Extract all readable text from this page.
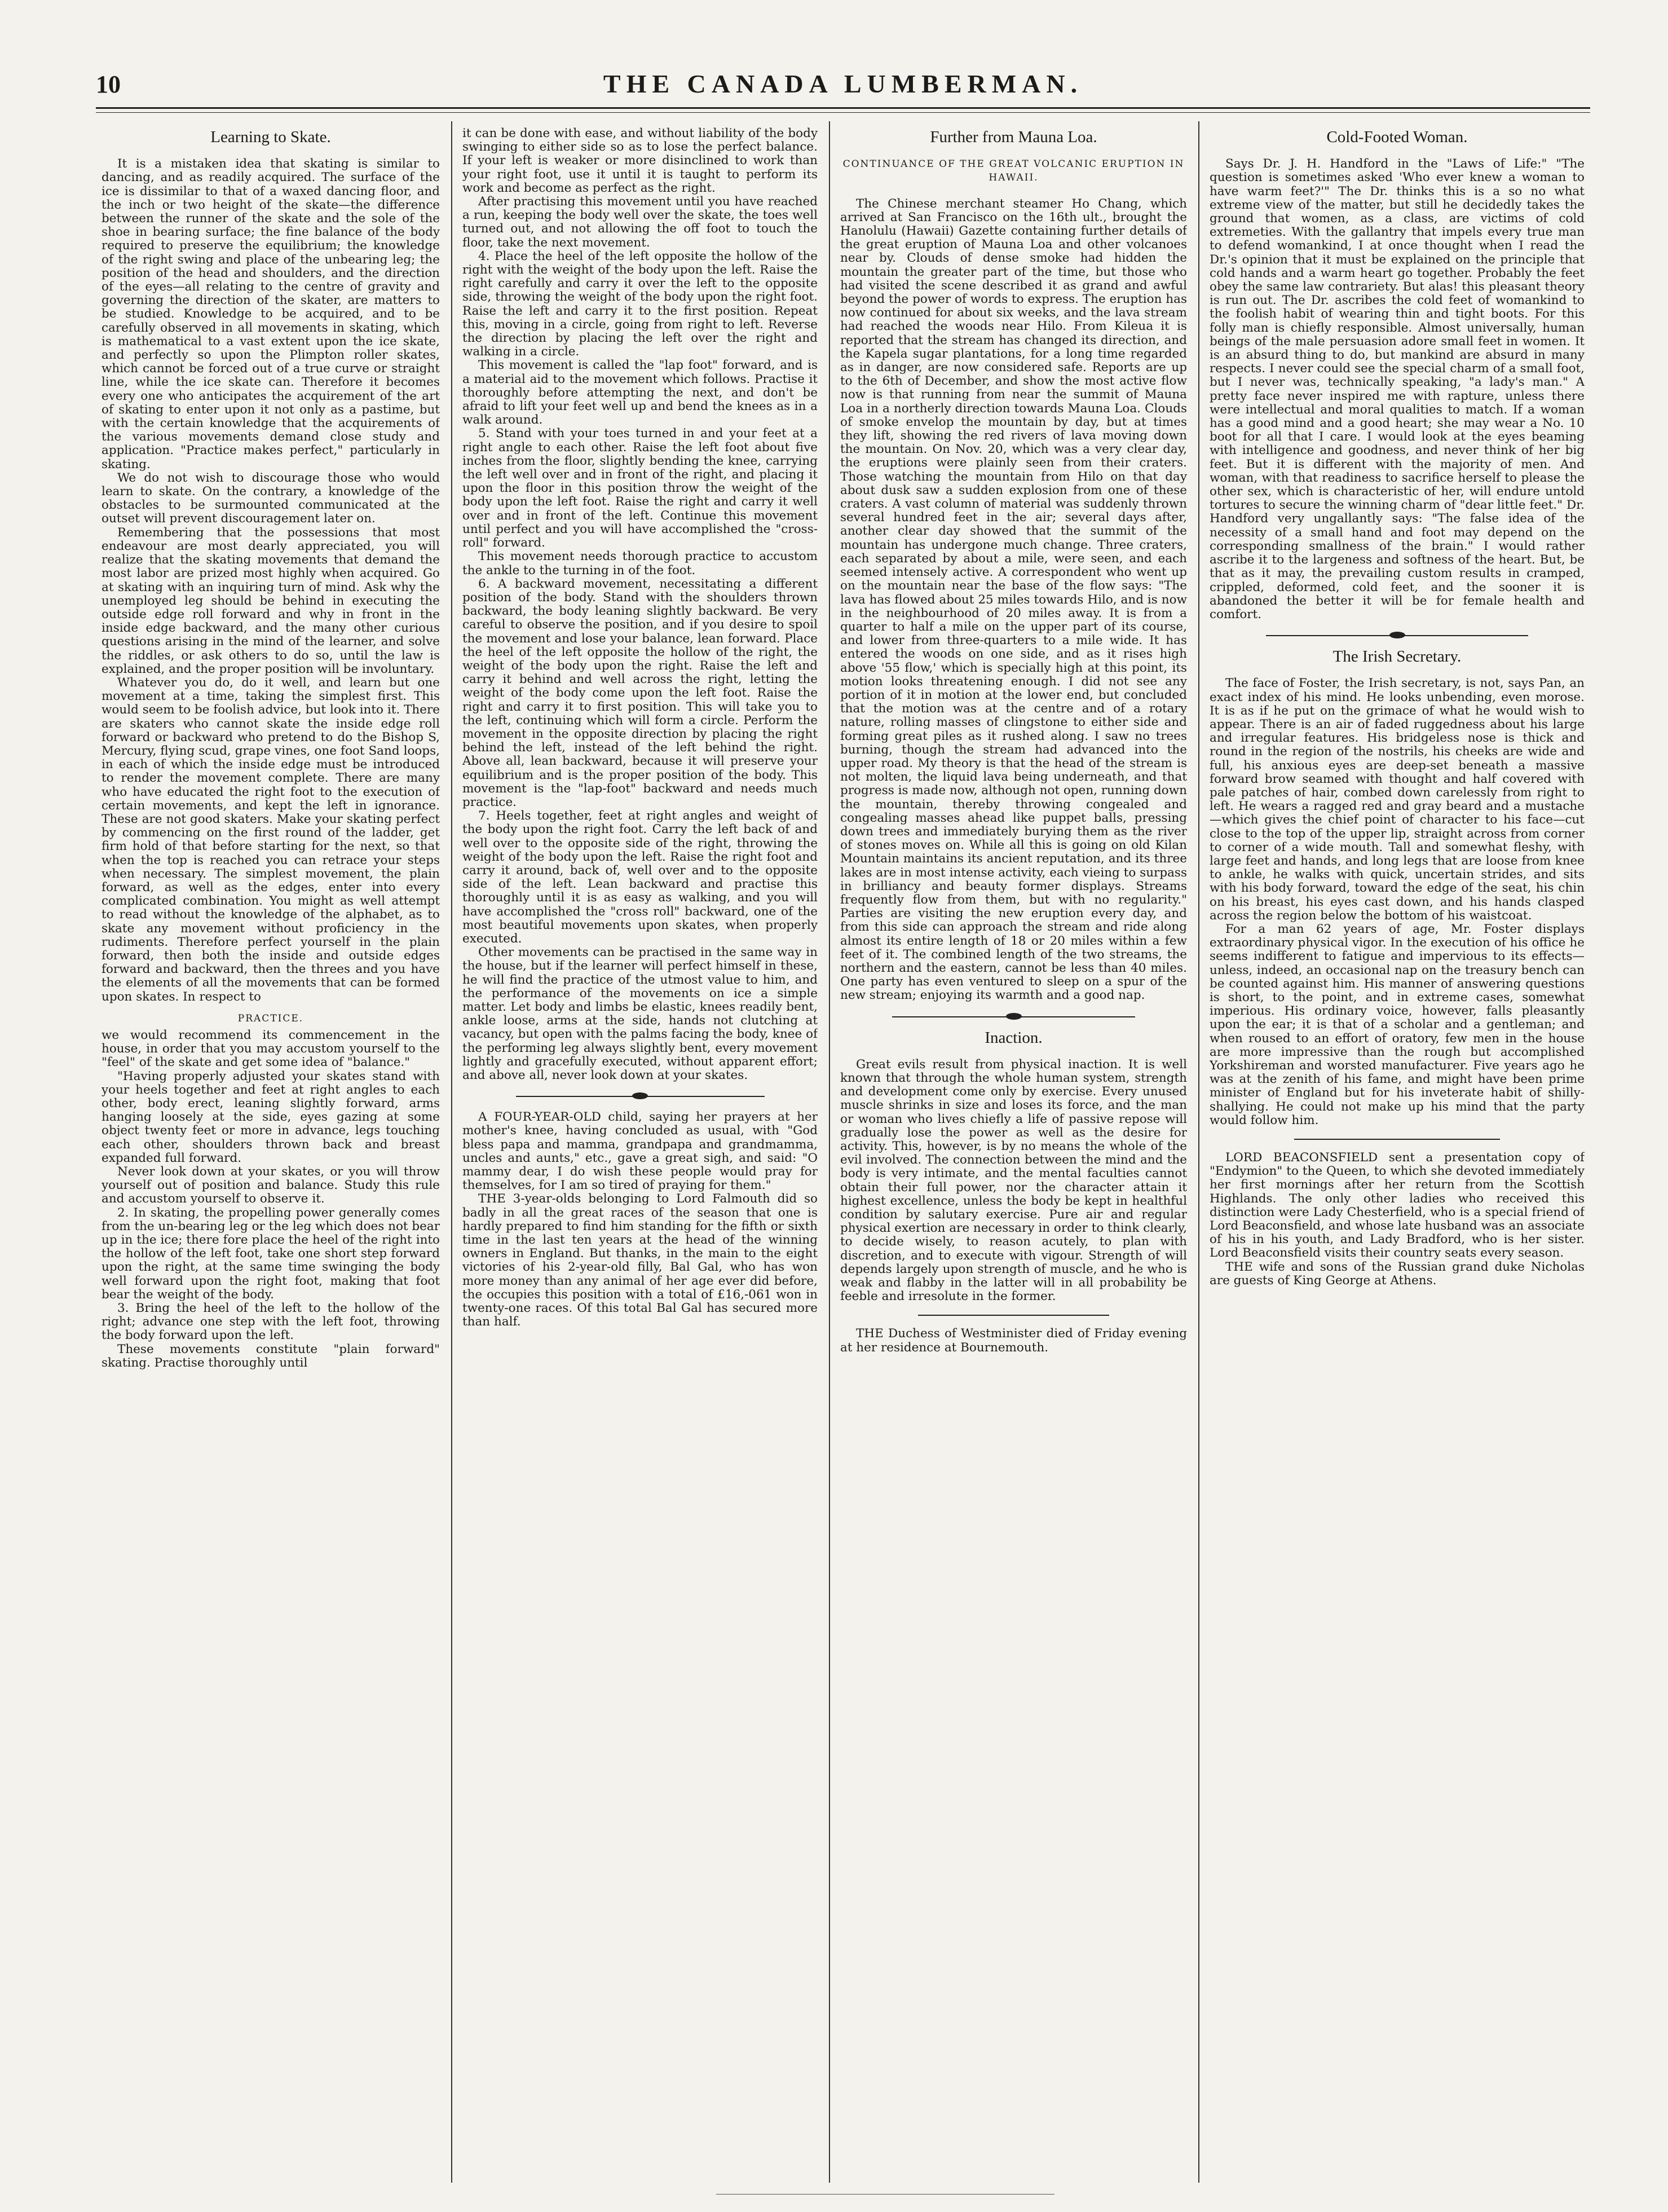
10	THE CANADA LUMBERMAN.
Learning to Skate.

It is a mistaken idea that skating is similar to dancing, and as readily acquired. The surface of the ice is dissimilar to that of a waxed dancing floor, and the inch or two height of the skate—the difference between the runner of the skate and the sole of the shoe in bearing surface; the fine balance of the body required to preserve the equilibrium; the knowledge of the right swing and place of the unbearing leg; the position of the head and shoulders, and the direction of the eyes—all relating to the centre of gravity and governing the direction of the skater, are matters to be studied. Knowledge to be acquired, and to be carefully observed in all movements in skating, which is mathematical to a vast extent upon the ice skate, and perfectly so upon the Plimpton roller skates, which cannot be forced out of a true curve or straight line, while the ice skate can. Therefore it becomes every one who anticipates the acquirement of the art of skating to enter upon it not only as a pastime, but with the certain knowledge that the acquirements of the various movements demand close study and application. "Practice makes perfect," particularly in skating.

We do not wish to discourage those who would learn to skate. On the contrary, a knowledge of the obstacles to be surmounted communicated at the outset will prevent discouragement later on.

Remembering that the possessions that most endeavour are most dearly appreciated, you will realize that the skating movements that demand the most labor are prized most highly when acquired. Go at skating with an inquiring turn of mind. Ask why the unemployed leg should be behind in executing the outside edge roll forward and why in front in the inside edge backward, and the many other curious questions arising in the mind of the learner, and solve the riddles, or ask others to do so, until the law is explained, and the proper position will be involuntary.

Whatever you do, do it well, and learn but one movement at a time, taking the simplest first. This would seem to be foolish advice, but look into it. There are skaters who cannot skate the inside edge roll forward or backward who pretend to do the Bishop S, Mercury, flying scud, grape vines, one foot Sand loops, in each of which the inside edge must be introduced to render the movement complete. There are many who have educated the right foot to the execution of certain movements, and kept the left in ignorance. These are not good skaters. Make your skating perfect by commencing on the first round of the ladder, get firm hold of that before starting for the next, so that when the top is reached you can retrace your steps when necessary. The simplest movement, the plain forward, as well as the edges, enter into every complicated combination. You might as well attempt to read without the knowledge of the alphabet, as to skate any movement without proficiency in the rudiments. Therefore perfect yourself in the plain forward, then both the inside and outside edges forward and backward, then the threes and you have the elements of all the movements that can be formed upon skates. In respect to

PRACTICE.

we would recommend its commencement in the house, in order that you may accustom yourself to the "feel" of the skate and get some idea of "balance."

"Having properly adjusted your skates stand with your heels together and feet at right angles to each other, body erect, leaning slightly forward, arms hanging loosely at the side, eyes gazing at some object twenty feet or more in advance, legs touching each other, shoulders thrown back and breast expanded full forward.

Never look down at your skates, or you will throw yourself out of position and balance. Study this rule and accustom yourself to observe it.

2. In skating, the propelling power generally comes from the un-bearing leg or the leg which does not bear up in the ice; there fore place the heel of the right into the hollow of the left foot, take one short step forward upon the right, at the same time swinging the body well forward upon the right foot, making that foot bear the weight of the body.

3. Bring the heel of the left to the hollow of the right; advance one step with the left foot, throwing the body forward upon the left.

These movements constitute "plain forward" skating. Practise thoroughly until

it can be done with ease, and without liability of the body swinging to either side so as to lose the perfect balance. If your left is weaker or more disinclined to work than your right foot, use it until it is taught to perform its work and become as perfect as the right.

After practising this movement until you have reached a run, keeping the body well over the skate, the toes well turned out, and not allowing the off foot to touch the floor, take the next movement.

4. Place the heel of the left opposite the hollow of the right with the weight of the body upon the left. Raise the right carefully and carry it over the left to the opposite side, throwing the weight of the body upon the right foot. Raise the left and carry it to the first position. Repeat this, moving in a circle, going from right to left. Reverse the direction by placing the left over the right and walking in a circle.

This movement is called the "lap foot" forward, and is a material aid to the movement which follows. Practise it thoroughly before attempting the next, and don't be afraid to lift your feet well up and bend the knees as in a walk around.

5. Stand with your toes turned in and your feet at a right angle to each other. Raise the left foot about five inches from the floor, slightly bending the knee, carrying the left well over and in front of the right, and placing it upon the floor in this position throw the weight of the body upon the left foot. Raise the right and carry it well over and in front of the left. Continue this movement until perfect and you will have accomplished the "cross-roll" forward.

This movement needs thorough practice to accustom the ankle to the turning in of the foot.

6. A backward movement, necessitating a different position of the body. Stand with the shoulders thrown backward, the body leaning slightly backward. Be very careful to observe the position, and if you desire to spoil the movement and lose your balance, lean forward. Place the heel of the left opposite the hollow of the right, the weight of the body upon the right. Raise the left and carry it behind and well across the right, letting the weight of the body come upon the left foot. Raise the right and carry it to first position. This will take you to the left, continuing which will form a circle. Perform the movement in the opposite direction by placing the right behind the left, instead of the left behind the right. Above all, lean backward, because it will preserve your equilibrium and is the proper position of the body. This movement is the "lap-foot" backward and needs much practice.

7. Heels together, feet at right angles and weight of the body upon the right foot. Carry the left back of and well over to the opposite side of the right, throwing the weight of the body upon the left. Raise the right foot and carry it around, back of, well over and to the opposite side of the left. Lean backward and practise this thoroughly until it is as easy as walking, and you will have accomplished the "cross roll" backward, one of the most beautiful movements upon skates, when properly executed.

Other movements can be practised in the same way in the house, but if the learner will perfect himself in these, he will find the practice of the utmost value to him, and the performance of the movements on ice a simple matter. Let body and limbs be elastic, knees readily bent, ankle loose, arms at the side, hands not clutching at vacancy, but open with the palms facing the body, knee of the performing leg always slightly bent, every movement lightly and gracefully executed, without apparent effort; and above all, never look down at your skates.

A FOUR-YEAR-OLD child, saying her prayers at her mother's knee, having concluded as usual, with "God bless papa and mamma, grandpapa and grandmamma, uncles and aunts," etc., gave a great sigh, and said: "O mammy dear, I do wish these people would pray for themselves, for I am so tired of praying for them."

THE 3-year-olds belonging to Lord Falmouth did so badly in all the great races of the season that one is hardly prepared to find him standing for the fifth or sixth time in the last ten years at the head of the winning owners in England. But thanks, in the main to the eight victories of his 2-year-old filly, Bal Gal, who has won more money than any animal of her age ever did before, the occupies this position with a total of £16,-061 won in twenty-one races. Of this total Bal Gal has secured more than half.

Further from Mauna Loa.
CONTINUANCE OF THE GREAT VOLCANIC ERUPTION IN HAWAII.

The Chinese merchant steamer Ho Chang, which arrived at San Francisco on the 16th ult., brought the Hanolulu (Hawaii) Gazette containing further details of the great eruption of Mauna Loa and other volcanoes near by. Clouds of dense smoke had hidden the mountain the greater part of the time, but those who had visited the scene described it as grand and awful beyond the power of words to express. The eruption has now continued for about six weeks, and the lava stream had reached the woods near Hilo. From Kileua it is reported that the stream has changed its direction, and the Kapela sugar plantations, for a long time regarded as in danger, are now considered safe. Reports are up to the 6th of December, and show the most active flow now is that running from near the summit of Mauna Loa in a northerly direction towards Mauna Loa. Clouds of smoke envelop the mountain by day, but at times they lift, showing the red rivers of lava moving down the mountain. On Nov. 20, which was a very clear day, the eruptions were plainly seen from their craters. Those watching the mountain from Hilo on that day about dusk saw a sudden explosion from one of these craters. A vast column of material was suddenly thrown several hundred feet in the air; several days after, another clear day showed that the summit of the mountain has undergone much change. Three craters, each separated by about a mile, were seen, and each seemed intensely active. A correspondent who went up on the mountain near the base of the flow says: "The lava has flowed about 25 miles towards Hilo, and is now in the neighbourhood of 20 miles away. It is from a quarter to half a mile on the upper part of its course, and lower from three-quarters to a mile wide. It has entered the woods on one side, and as it rises high above '55 flow,' which is specially high at this point, its motion looks threatening enough. I did not see any portion of it in motion at the lower end, but concluded that the motion was at the centre and of a rotary nature, rolling masses of clingstone to either side and forming great piles as it rushed along. I saw no trees burning, though the stream had advanced into the upper road. My theory is that the head of the stream is not molten, the liquid lava being underneath, and that progress is made now, although not open, running down the mountain, thereby throwing congealed and congealing masses ahead like puppet balls, pressing down trees and immediately burying them as the river of stones moves on. While all this is going on old Kilan Mountain maintains its ancient reputation, and its three lakes are in most intense activity, each vieing to surpass in brilliancy and beauty former displays. Streams frequently flow from them, but with no regularity." Parties are visiting the new eruption every day, and from this side can approach the stream and ride along almost its entire length of 18 or 20 miles within a few feet of it. The combined length of the two streams, the northern and the eastern, cannot be less than 40 miles. One party has even ventured to sleep on a spur of the new stream; enjoying its warmth and a good nap.

Inaction.

Great evils result from physical inaction. It is well known that through the whole human system, strength and development come only by exercise. Every unused muscle shrinks in size and loses its force, and the man or woman who lives chiefly a life of passive repose will gradually lose the power as well as the desire for activity. This, however, is by no means the whole of the evil involved. The connection between the mind and the body is very intimate, and the mental faculties cannot obtain their full power, nor the character attain it highest excellence, unless the body be kept in healthful condition by salutary exercise. Pure air and regular physical exertion are necessary in order to think clearly, to decide wisely, to reason acutely, to plan with discretion, and to execute with vigour. Strength of will depends largely upon strength of muscle, and he who is weak and flabby in the latter will in all probability be feeble and irresolute in the former.

THE Duchess of Westminister died of Friday evening at her residence at Bournemouth.

Cold-Footed Woman.

Says Dr. J. H. Handford in the "Laws of Life:" "The question is sometimes asked 'Who ever knew a woman to have warm feet?'" The Dr. thinks this is a so no what extreme view of the matter, but still he decidedly takes the ground that women, as a class, are victims of cold extremeties. With the gallantry that impels every true man to defend womankind, I at once thought when I read the Dr.'s opinion that it must be explained on the principle that cold hands and a warm heart go together. Probably the feet obey the same law contrariety. But alas! this pleasant theory is run out. The Dr. ascribes the cold feet of womankind to the foolish habit of wearing thin and tight boots. For this folly man is chiefly responsible. Almost universally, human beings of the male persuasion adore small feet in women. It is an absurd thing to do, but mankind are absurd in many respects. I never could see the special charm of a small foot, but I never was, technically speaking, "a lady's man." A pretty face never inspired me with rapture, unless there were intellectual and moral qualities to match. If a woman has a good mind and a good heart; she may wear a No. 10 boot for all that I care. I would look at the eyes beaming with intelligence and goodness, and never think of her big feet. But it is different with the majority of men. And woman, with that readiness to sacrifice herself to please the other sex, which is characteristic of her, will endure untold tortures to secure the winning charm of "dear little feet." Dr. Handford very ungallantly says: "The false idea of the necessity of a small hand and foot may depend on the corresponding smallness of the brain." I would rather ascribe it to the largeness and softness of the heart. But, be that as it may, the prevailing custom results in cramped, crippled, deformed, cold feet, and the sooner it is abandoned the better it will be for female health and comfort.

The Irish Secretary.

The face of Foster, the Irish secretary, is not, says Pan, an exact index of his mind. He looks unbending, even morose. It is as if he put on the grimace of what he would wish to appear. There is an air of faded ruggedness about his large and irregular features. His bridgeless nose is thick and round in the region of the nostrils, his cheeks are wide and full, his anxious eyes are deep-set beneath a massive forward brow seamed with thought and half covered with pale patches of hair, combed down carelessly from right to left. He wears a ragged red and gray beard and a mustache—which gives the chief point of character to his face—cut close to the top of the upper lip, straight across from corner to corner of a wide mouth. Tall and somewhat fleshy, with large feet and hands, and long legs that are loose from knee to ankle, he walks with quick, uncertain strides, and sits with his body forward, toward the edge of the seat, his chin on his breast, his eyes cast down, and his hands clasped across the region below the bottom of his waistcoat.

For a man 62 years of age, Mr. Foster displays extraordinary physical vigor. In the execution of his office he seems indifferent to fatigue and impervious to its effects—unless, indeed, an occasional nap on the treasury bench can be counted against him. His manner of answering questions is short, to the point, and in extreme cases, somewhat imperious. His ordinary voice, however, falls pleasantly upon the ear; it is that of a scholar and a gentleman; and when roused to an effort of oratory, few men in the house are more impressive than the rough but accomplished Yorkshireman and worsted manufacturer. Five years ago he was at the zenith of his fame, and might have been prime minister of England but for his inveterate habit of shilly-shallying. He could not make up his mind that the party would follow him.

LORD BEACONSFIELD sent a presentation copy of "Endymion" to the Queen, to which she devoted immediately her first mornings after her return from the Scottish Highlands. The only other ladies who received this distinction were Lady Chesterfield, who is a special friend of Lord Beaconsfield, and whose late husband was an associate of his in his youth, and Lady Bradford, who is her sister. Lord Beaconsfield visits their country seats every season.

THE wife and sons of the Russian grand duke Nicholas are guests of King George at Athens.
